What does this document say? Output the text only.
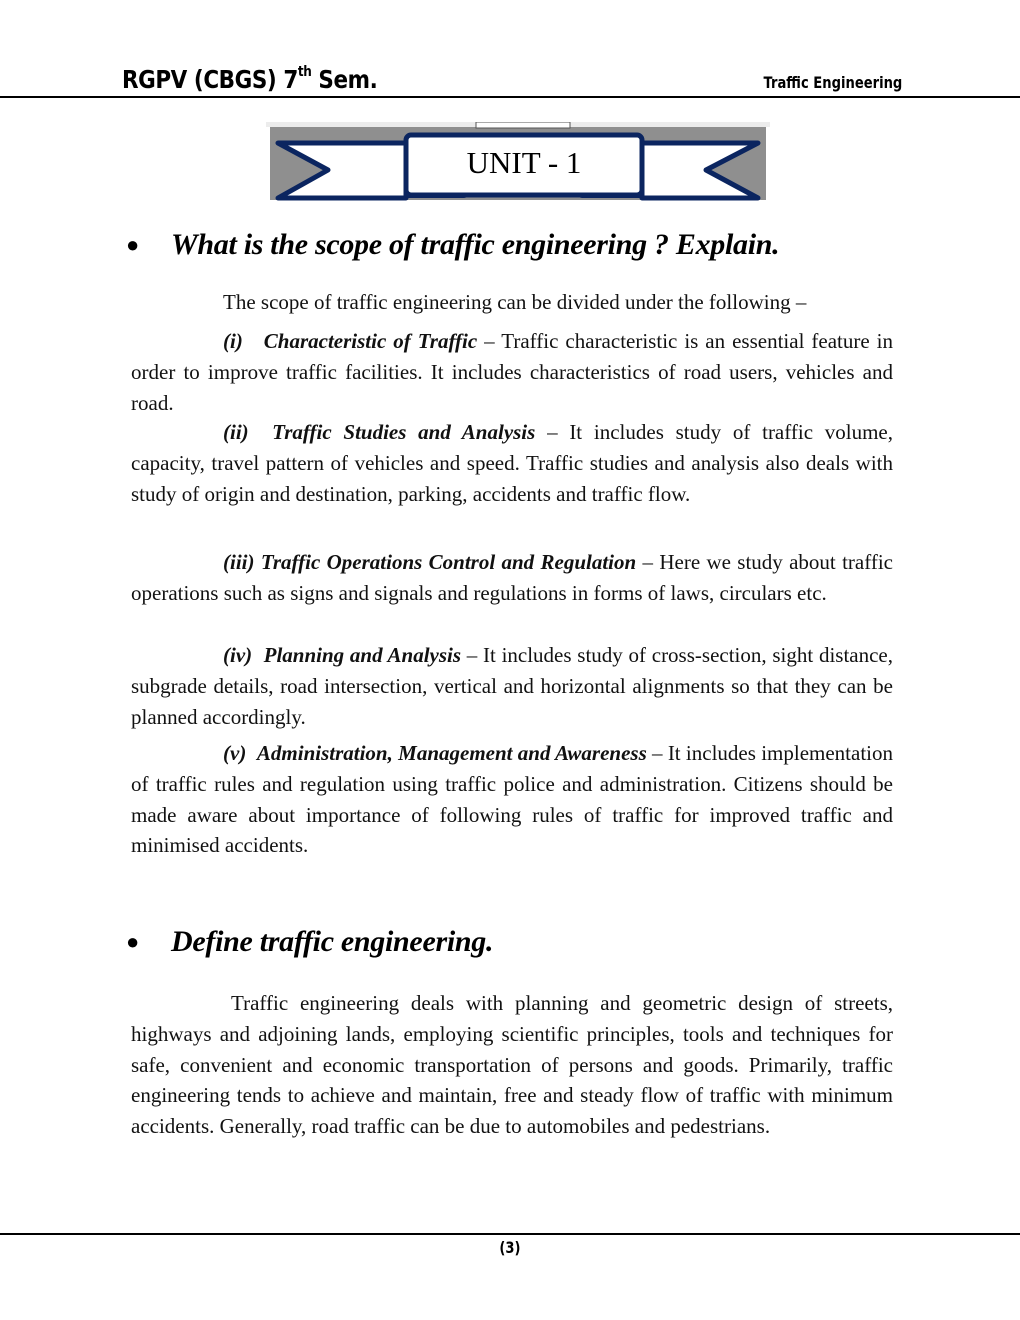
RGPV (CBGS) 7th Sem.	Traffic Engineering
UNIT - 1
● What is the scope of traffic engineering ? Explain.
The scope of traffic engineering can be divided under the following –
(i) Characteristic of Traffic – Traffic characteristic is an essential feature in order to improve traffic facilities. It includes characteristics of road users, vehicles and road.
(ii) Traffic Studies and Analysis – It includes study of traffic volume, capacity, travel pattern of vehicles and speed. Traffic studies and analysis also deals with study of origin and destination, parking, accidents and traffic flow.
(iii) Traffic Operations Control and Regulation – Here we study about traffic operations such as signs and signals and regulations in forms of laws, circulars etc.
(iv) Planning and Analysis – It includes study of cross-section, sight distance, subgrade details, road intersection, vertical and horizontal alignments so that they can be planned accordingly.
(v) Administration, Management and Awareness – It includes implementation of traffic rules and regulation using traffic police and administration. Citizens should be made aware about importance of following rules of traffic for improved traffic and minimised accidents.
● Define traffic engineering.
Traffic engineering deals with planning and geometric design of streets, highways and adjoining lands, employing scientific principles, tools and techniques for safe, convenient and economic transportation of persons and goods. Primarily, traffic engineering tends to achieve and maintain, free and steady flow of traffic with minimum accidents. Generally, road traffic can be due to automobiles and pedestrians.
(3)
